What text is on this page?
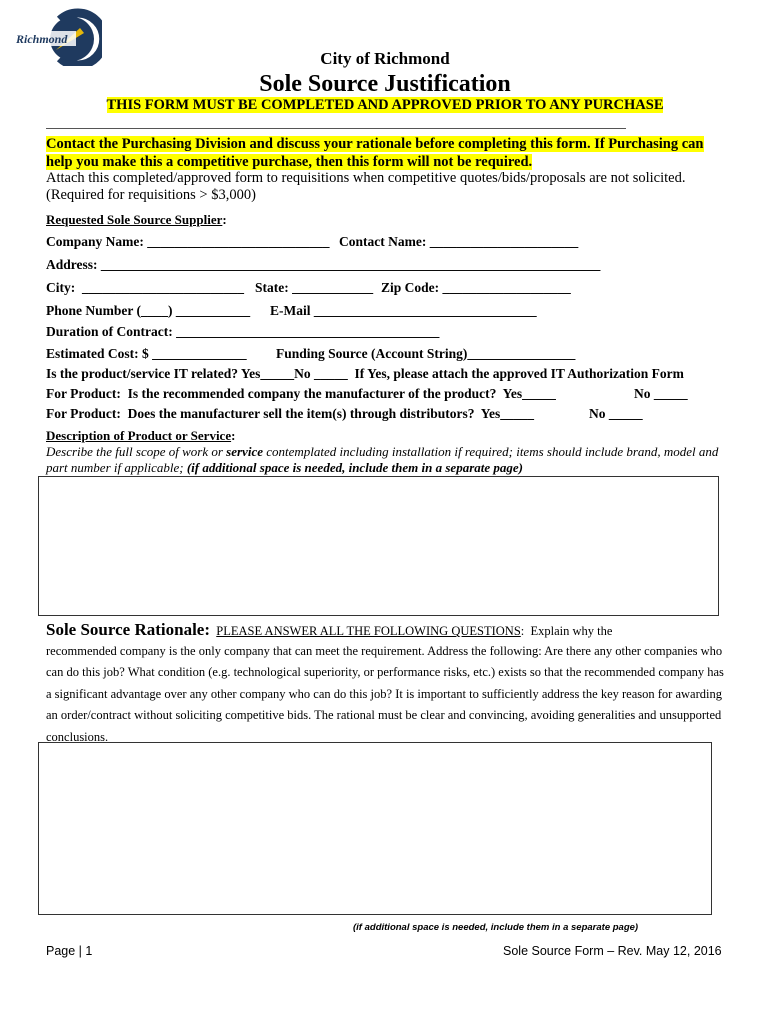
Richmond
City of Richmond
Sole Source Justification
THIS FORM MUST BE COMPLETED AND APPROVED PRIOR TO ANY PURCHASE
Contact the Purchasing Division and discuss your rationale before completing this form. If Purchasing can help you make this a competitive purchase, then this form will not be required.
Attach this completed/approved form to requisitions when competitive quotes/bids/proposals are not solicited. (Required for requisitions > $3,000)
Requested Sole Source Supplier:
Company Name: ___________________________ Contact Name: ______________________
Address: __________________________________________________________________________
City:  ________________________ State: ____________ Zip Code: ___________________
Phone Number (____) ___________ E-Mail _________________________________
Duration of Contract: _______________________________________
Estimated Cost: $ ______________ Funding Source (Account String)________________
Is the product/service IT related? Yes_____No _____  If Yes, please attach the approved IT Authorization Form
For Product:  Is the recommended company the manufacturer of the product?  Yes_____	No _____
For Product:  Does the manufacturer sell the item(s) through distributors?  Yes_____	No _____
Description of Product or Service:
Describe the full scope of work or service contemplated including installation if required; items should include brand, model and part number if applicable; (if additional space is needed, include them in a separate page)
Sole Source Rationale: PLEASE ANSWER ALL THE FOLLOWING QUESTIONS:  Explain why the
recommended company is the only company that can meet the requirement. Address the following: Are there any other companies who can do this job? What condition (e.g. technological superiority, or performance risks, etc.) exists so that the recommended company has a significant advantage over any other company who can do this job? It is important to sufficiently address the key reason for awarding an order/contract without soliciting competitive bids. The rational must be clear and convincing, avoiding generalities and unsupported conclusions.
(if additional space is needed, include them in a separate page)
Page | 1	Sole Source Form – Rev. May 12, 2016
